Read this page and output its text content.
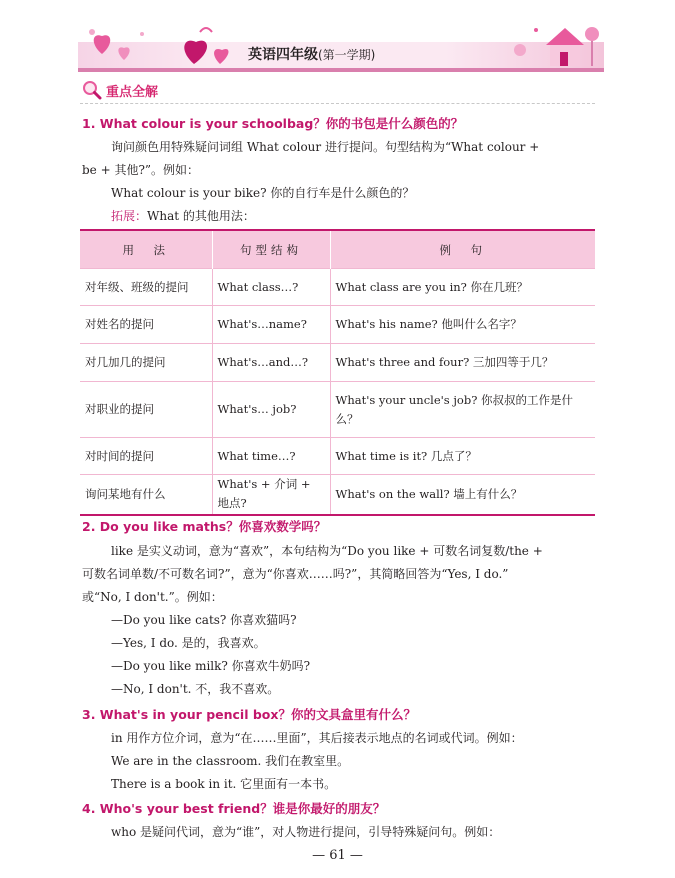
英语四年级(第一学期)
重点全解
1. What colour is your schoolbag？你的书包是什么颜色的？
询问颜色用特殊疑问词组 What colour 进行提问。句型结构为“What colour +
be + 其他?”。例如：
What colour is your bike? 你的自行车是什么颜色的？
拓展：What 的其他用法：
用　法	句型结构	例　句
对年级、班级的提问	What class…?	What class are you in? 你在几班？
对姓名的提问	What's…name?	What's his name? 他叫什么名字？
对几加几的提问	What's…and…?	What's three and four? 三加四等于几？
对职业的提问	What's… job?	What's your uncle's job? 你叔叔的工作是什么？
对时间的提问	What time…?	What time is it? 几点了？
询问某地有什么	What's + 介词 + 地点?	What's on the wall? 墙上有什么？
2. Do you like maths？你喜欢数学吗？
like 是实义动词，意为“喜欢”，本句结构为“Do you like + 可数名词复数/the +
可数名词单数/不可数名词?”，意为“你喜欢……吗?”，其简略回答为“Yes, I do.”
或“No, I don't.”。例如：
—Do you like cats? 你喜欢猫吗?
—Yes, I do. 是的，我喜欢。
—Do you like milk? 你喜欢牛奶吗?
—No, I don't. 不，我不喜欢。
3. What's in your pencil box？你的文具盒里有什么？
in 用作方位介词，意为“在……里面”，其后接表示地点的名词或代词。例如：
We are in the classroom. 我们在教室里。
There is a book in it. 它里面有一本书。
4. Who's your best friend？谁是你最好的朋友？
who 是疑问代词，意为“谁”，对人物进行提问，引导特殊疑问句。例如：
— 61 —
